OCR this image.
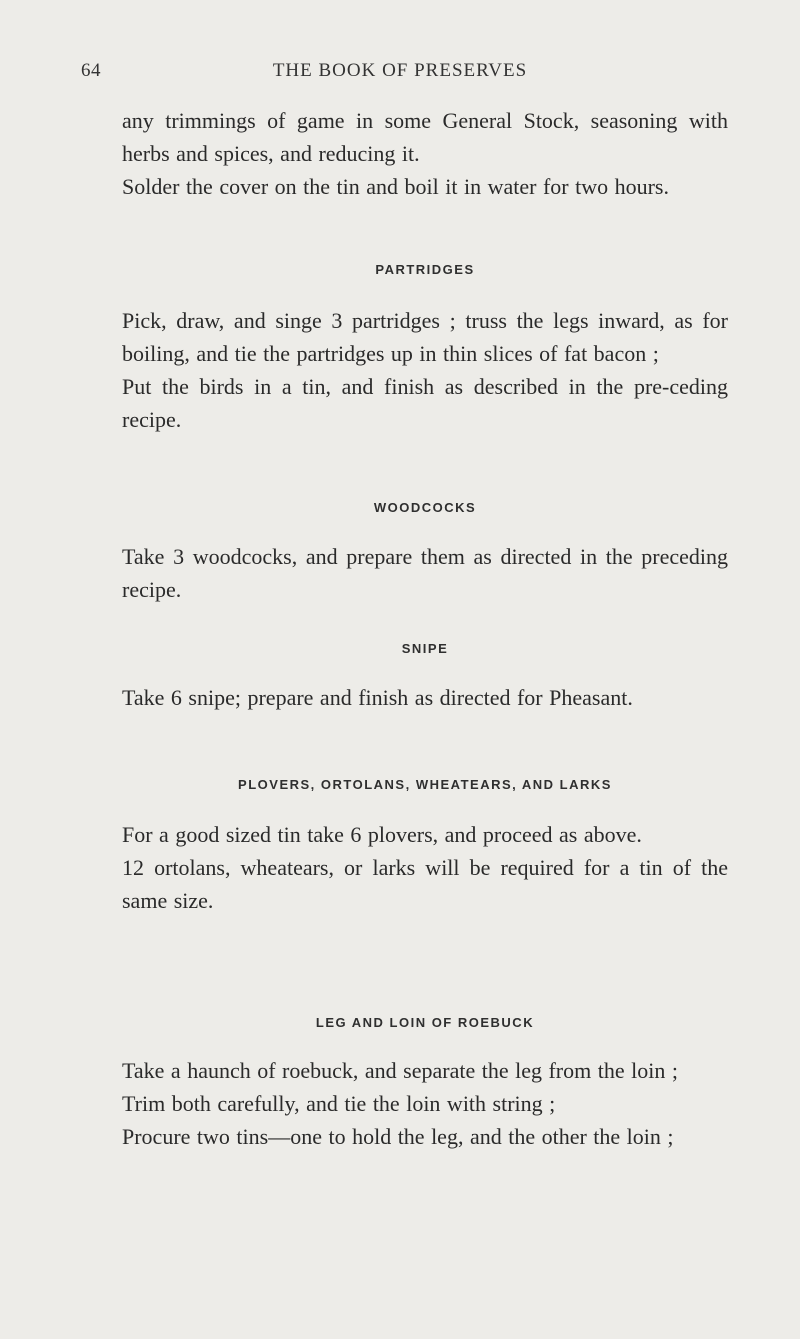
64	THE BOOK OF PRESERVES

any trimmings of game in some General Stock, seasoning with herbs and spices, and reducing it.

Solder the cover on the tin and boil it in water for two hours.

PARTRIDGES

Pick, draw, and singe 3 partridges ; truss the legs inward, as for boiling, and tie the partridges up in thin slices of fat bacon ;

Put the birds in a tin, and finish as described in the pre-ceding recipe.

WOODCOCKS

Take 3 woodcocks, and prepare them as directed in the preceding recipe.

SNIPE

Take 6 snipe; prepare and finish as directed for Pheasant.

PLOVERS, ORTOLANS, WHEATEARS, AND LARKS

For a good sized tin take 6 plovers, and proceed as above.

12 ortolans, wheatears, or larks will be required for a tin of the same size.

LEG AND LOIN OF ROEBUCK

Take a haunch of roebuck, and separate the leg from the loin ;

Trim both carefully, and tie the loin with string ;

Procure two tins—one to hold the leg, and the other the loin ;
